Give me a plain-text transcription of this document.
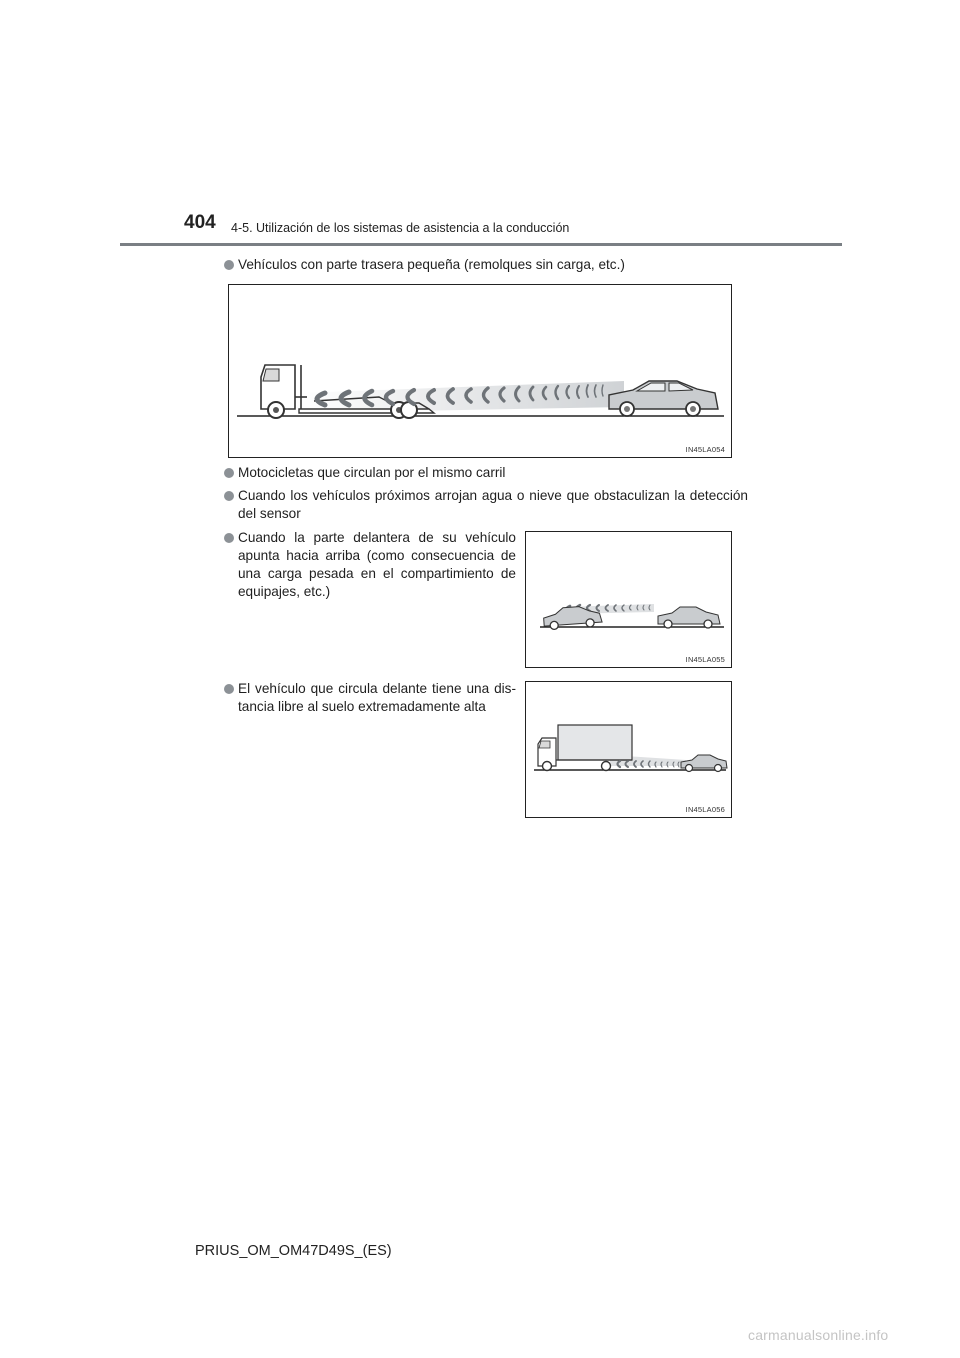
404 4-5. Utilización de los sistemas de asistencia a la conducción
Vehículos con parte trasera pequeña (remolques sin carga, etc.)
IN45LA054
Motocicletas que circulan por el mismo carril
Cuando los vehículos próximos arrojan agua o nieve que obstaculizan la detección del sensor
Cuando la parte delantera de su vehículo apunta hacia arriba (como consecuencia de una carga pesada en el compartimiento de equipajes, etc.)
IN45LA055
El vehículo que circula delante tiene una dis-tancia libre al suelo extremadamente alta
IN45LA056
PRIUS_OM_OM47D49S_(ES)
carmanualsonline.info
